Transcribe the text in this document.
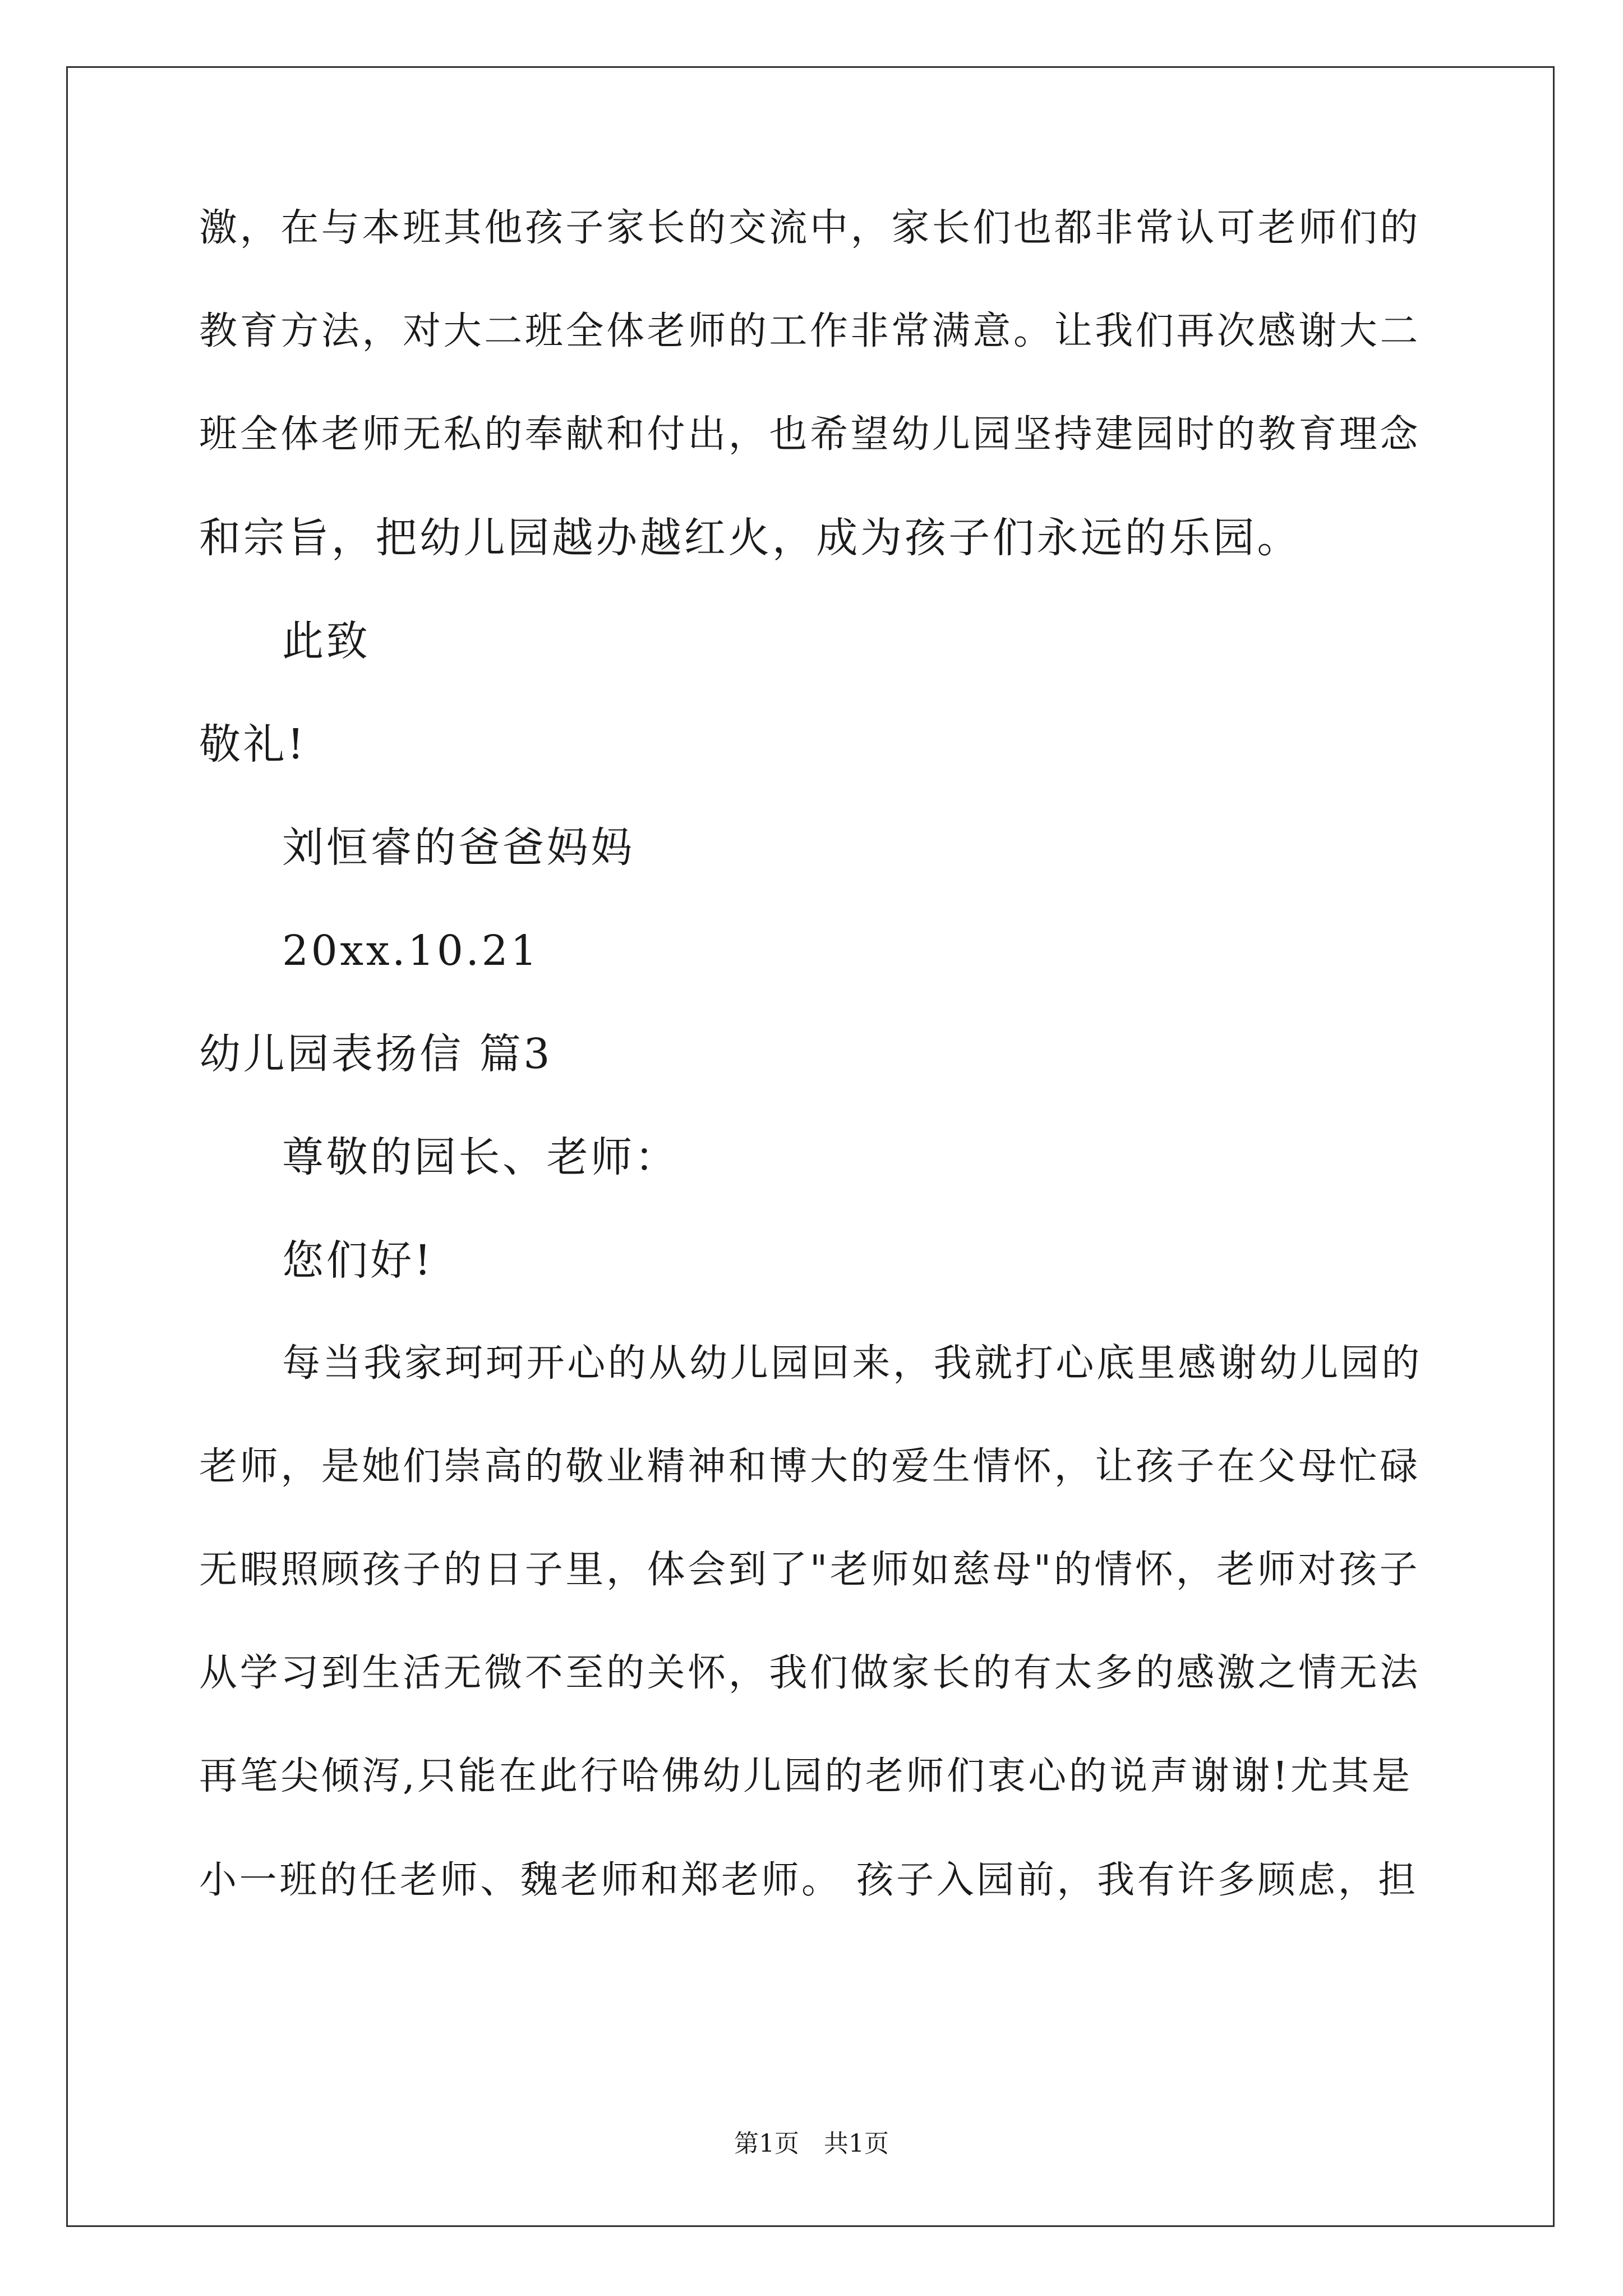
激，在与本班其他孩子家长的交流中，家长们也都非常认可老师们的
教育方法，对大二班全体老师的工作非常满意。让我们再次感谢大二
班全体老师无私的奉献和付出，也希望幼儿园坚持建园时的教育理念
和宗旨，把幼儿园越办越红火，成为孩子们永远的乐园。
此致
敬礼!
刘恒睿的爸爸妈妈
20xx.10.21
幼儿园表扬信 篇3
尊敬的园长、老师：
您们好!
每当我家珂珂开心的从幼儿园回来，我就打心底里感谢幼儿园的
老师，是她们崇高的敬业精神和博大的爱生情怀，让孩子在父母忙碌
无暇照顾孩子的日子里，体会到了"老师如慈母"的情怀，老师对孩子
从学习到生活无微不至的关怀，我们做家长的有太多的感激之情无法
再笔尖倾泻,只能在此行哈佛幼儿园的老师们衷心的说声谢谢!尤其是
小一班的任老师、魏老师和郑老师。 孩子入园前，我有许多顾虑，担
第1页　共1页
